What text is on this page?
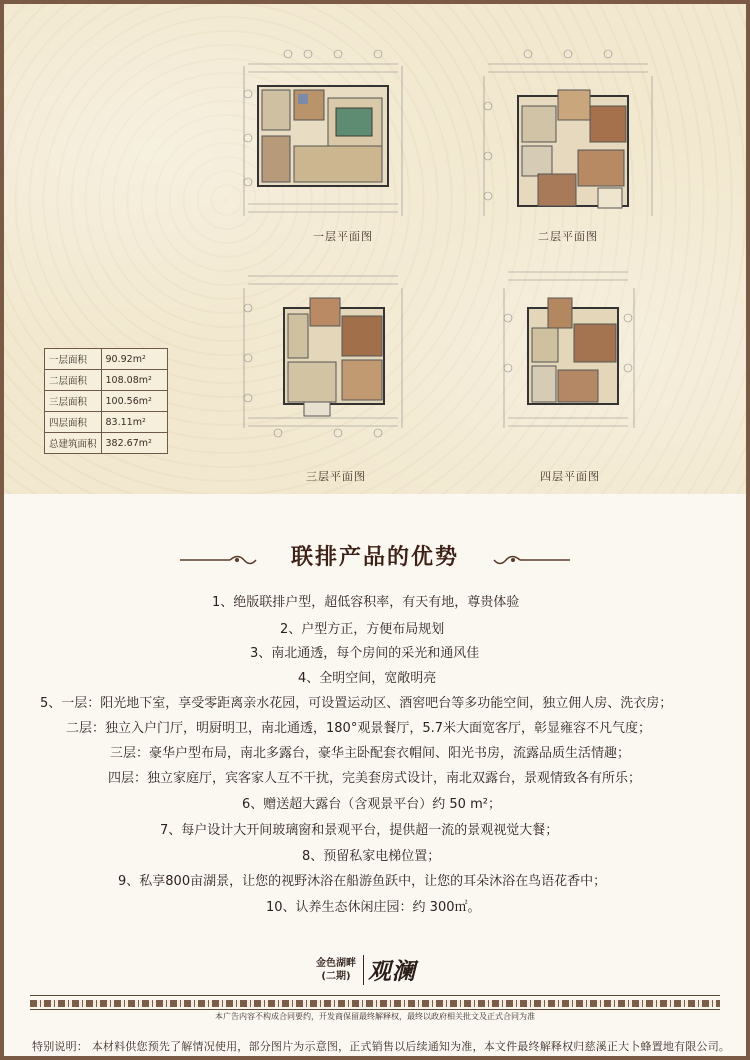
一层平面图	二层平面图
三层平面图	四层平面图
一层面积	90.92m²
二层面积	108.08m²
三层面积	100.56m²
四层面积	83.11m²
总建筑面积	382.67m²
联排产品的优势
1、绝版联排户型，超低容积率，有天有地，尊贵体验
2、户型方正，方便布局规划
3、南北通透，每个房间的采光和通风佳
4、全明空间，宽敞明亮
5、一层：阳光地下室，享受零距离亲水花园，可设置运动区、酒窖吧台等多功能空间，独立佣人房、洗衣房；
二层：独立入户门厅，明厨明卫，南北通透，180°观景餐厅，5.7米大面宽客厅，彰显雍容不凡气度；
三层：豪华户型布局，南北多露台，豪华主卧配套衣帽间、阳光书房，流露品质生活情趣；
四层：独立家庭厅，宾客家人互不干扰，完美套房式设计，南北双露台，景观情致各有所乐；
6、赠送超大露台（含观景平台）约 50 m²；
7、每户设计大开间玻璃窗和景观平台，提供超一流的景观视觉大餐；
8、预留私家电梯位置；
9、私享800亩湖景，让您的视野沐浴在船游鱼跃中，让您的耳朵沐浴在鸟语花香中；
10、认养生态休闲庄园：约 300㎡。
金色湖畔
(二期) 观澜
本广告内容不构成合同要约，开发商保留最终解释权，最终以政府相关批文及正式合同为准
特别说明： 本材料供您预先了解情况使用，部分图片为示意图，正式销售以后续通知为准，本文件最终解释权归慈溪正大卜蜂置地有限公司。
